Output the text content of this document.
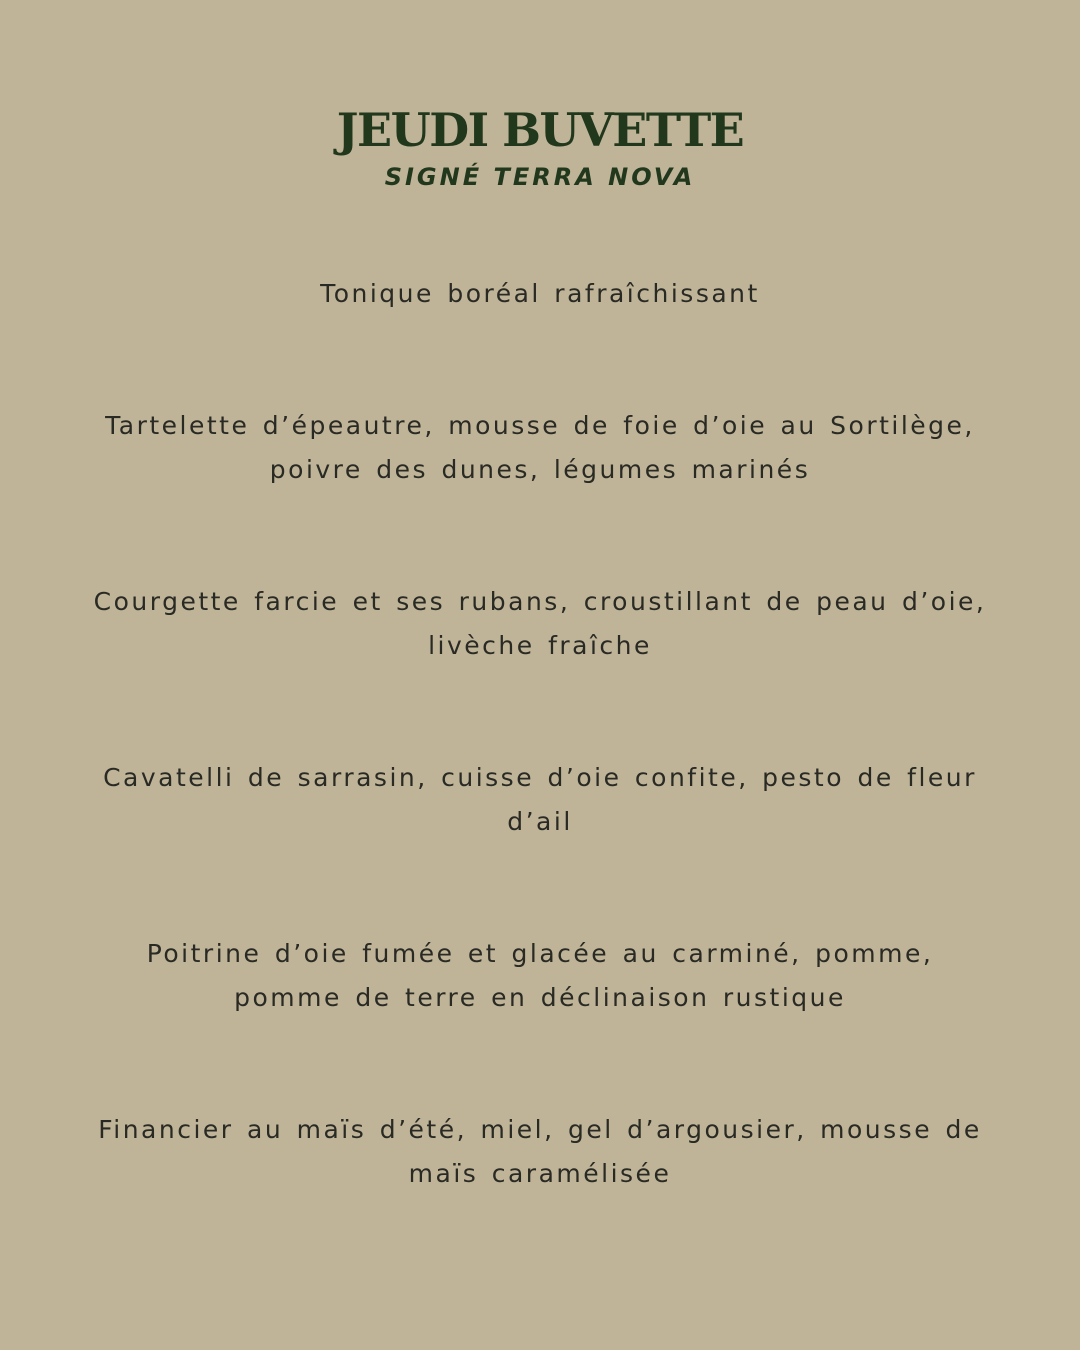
JEUDI BUVETTE
SIGNÉ TERRA NOVA
Tonique boréal rafraîchissant
Tartelette d’épeautre, mousse de foie d’oie au Sortilège, poivre des dunes, légumes marinés
Courgette farcie et ses rubans, croustillant de peau d’oie, livèche fraîche
Cavatelli de sarrasin, cuisse d’oie confite, pesto de fleur d’ail
Poitrine d’oie fumée et glacée au carminé, pomme, pomme de terre en déclinaison rustique
Financier au maïs d’été, miel, gel d’argousier, mousse de maïs caramélisée
